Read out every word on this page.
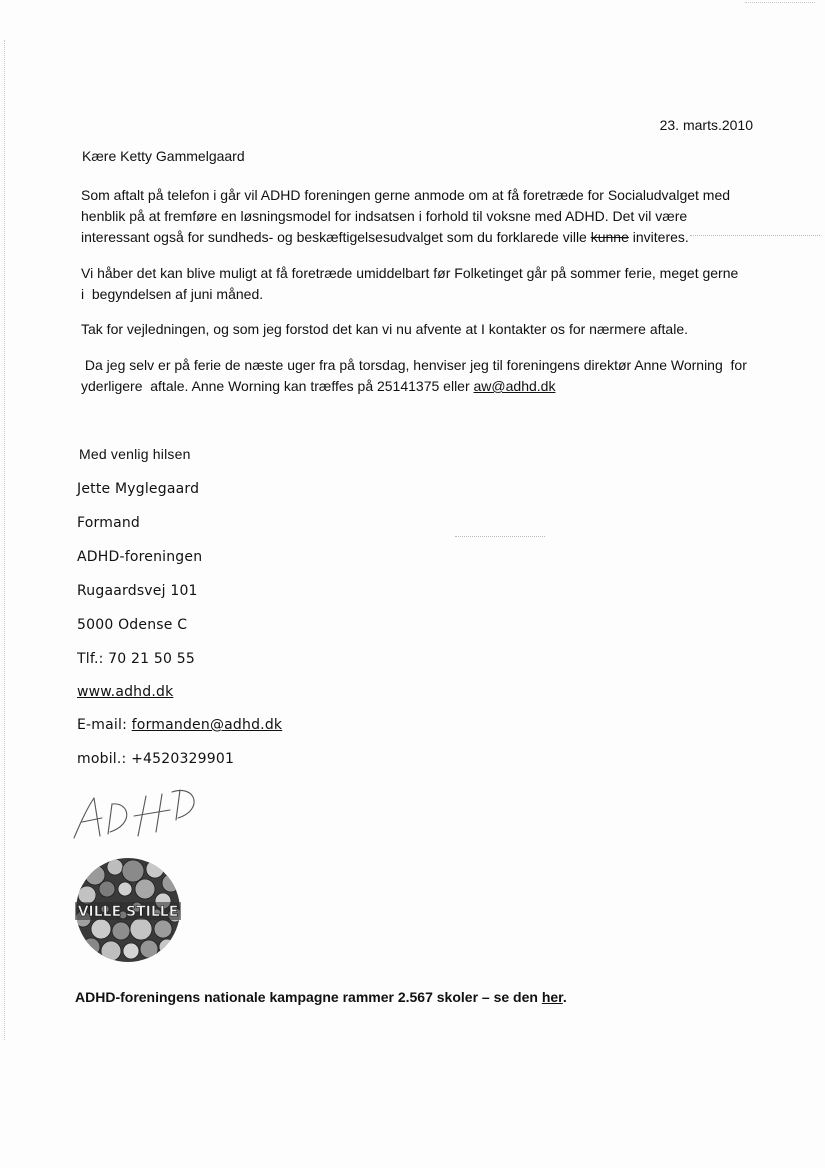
23. marts.2010
Kære Ketty Gammelgaard
Som aftalt på telefon i går vil ADHD foreningen gerne anmode om at få foretræde for Socialudvalget med
henblik på at fremføre en løsningsmodel for indsatsen i forhold til voksne med ADHD. Det vil være
interessant også for sundheds- og beskæftigelsesudvalget som du forklarede ville kunne inviteres.
Vi håber det kan blive muligt at få foretræde umiddelbart før Folketinget går på sommer ferie, meget gerne
i  begyndelsen af juni måned.
Tak for vejledningen, og som jeg forstod det kan vi nu afvente at I kontakter os for nærmere aftale.
Da jeg selv er på ferie de næste uger fra på torsdag, henviser jeg til foreningens direktør Anne Worning  for
yderligere  aftale. Anne Worning kan træffes på 25141375 eller aw@adhd.dk
Med venlig hilsen
Jette Myglegaard
Formand
ADHD-foreningen
Rugaardsvej 101
5000 Odense C
Tlf.: 70 21 50 55
www.adhd.dk
E-mail: formanden@adhd.dk
mobil.: +4520329901
VILLE STILLE
ADHD-foreningens nationale kampagne rammer 2.567 skoler – se den her.
